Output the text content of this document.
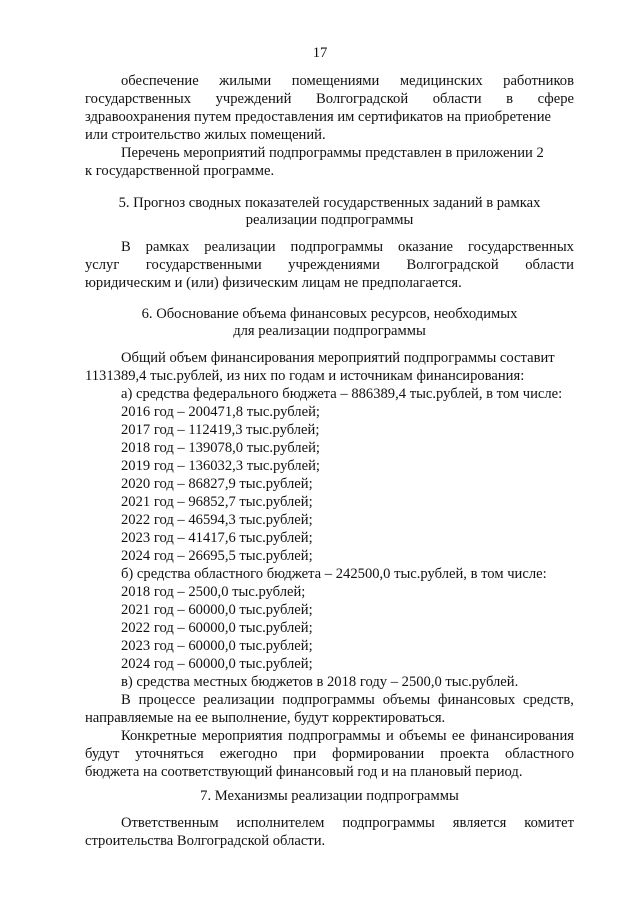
17
обеспечение жилыми помещениями медицинских работников
государственных учреждений Волгоградской области в сфере
здравоохранения путем предоставления им сертификатов на приобретение
или строительство жилых помещений.
Перечень мероприятий подпрограммы представлен в приложении 2
к государственной программе.
5. Прогноз сводных показателей государственных заданий в рамках
реализации подпрограммы
В рамках реализации подпрограммы оказание государственных
услуг государственными учреждениями Волгоградской области
юридическим и (или) физическим лицам не предполагается.
6. Обоснование объема финансовых ресурсов, необходимых
для реализации подпрограммы
Общий объем финансирования мероприятий подпрограммы составит
1131389,4 тыс.рублей, из них по годам и источникам финансирования:
а) средства федерального бюджета – 886389,4 тыс.рублей, в том числе:
2016 год – 200471,8 тыс.рублей;
2017 год – 112419,3 тыс.рублей;
2018 год – 139078,0 тыс.рублей;
2019 год – 136032,3 тыс.рублей;
2020 год – 86827,9 тыс.рублей;
2021 год – 96852,7 тыс.рублей;
2022 год – 46594,3 тыс.рублей;
2023 год – 41417,6 тыс.рублей;
2024 год – 26695,5 тыс.рублей;
б) средства областного бюджета – 242500,0 тыс.рублей, в том числе:
2018 год – 2500,0 тыс.рублей;
2021 год – 60000,0 тыс.рублей;
2022 год – 60000,0 тыс.рублей;
2023 год – 60000,0 тыс.рублей;
2024 год – 60000,0 тыс.рублей;
в) средства местных бюджетов в 2018 году – 2500,0 тыс.рублей.
В процессе реализации подпрограммы объемы финансовых средств,
направляемые на ее выполнение, будут корректироваться.
Конкретные мероприятия подпрограммы и объемы ее финансирования
будут уточняться ежегодно при формировании проекта областного
бюджета на соответствующий финансовый год и на плановый период.
7. Механизмы реализации подпрограммы
Ответственным исполнителем подпрограммы является комитет
строительства Волгоградской области.
